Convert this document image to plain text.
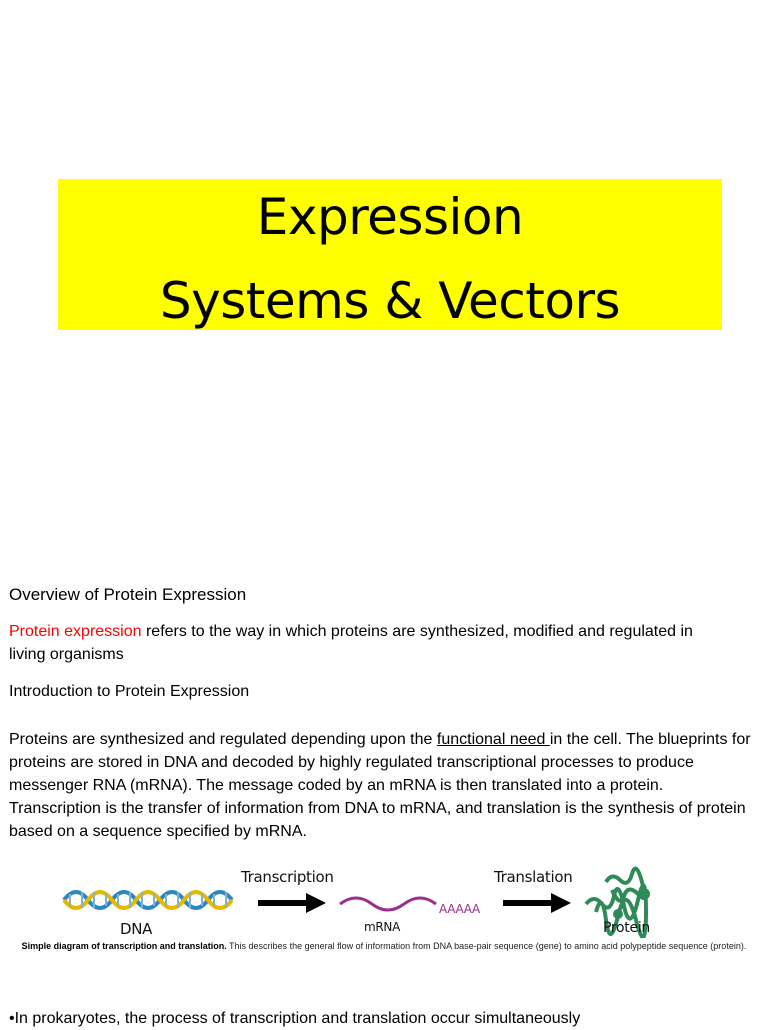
Expression
Systems & Vectors
Overview of Protein Expression
Protein expression refers to the way in which proteins are synthesized, modified and regulated in living organisms
Introduction to Protein Expression
Proteins are synthesized and regulated depending upon the functional need in the cell. The blueprints for proteins are stored in DNA and decoded by highly regulated transcriptional processes to produce messenger RNA (mRNA). The message coded by an mRNA is then translated into a protein. Transcription is the transfer of information from DNA to mRNA, and translation is the synthesis of protein based on a sequence specified by mRNA.
DNA
Transcription
mRNA
AAAAA
Translation
Protein
Simple diagram of transcription and translation. This describes the general flow of information from DNA base-pair sequence (gene) to amino acid polypeptide sequence (protein).
•In prokaryotes, the process of transcription and translation occur simultaneously
